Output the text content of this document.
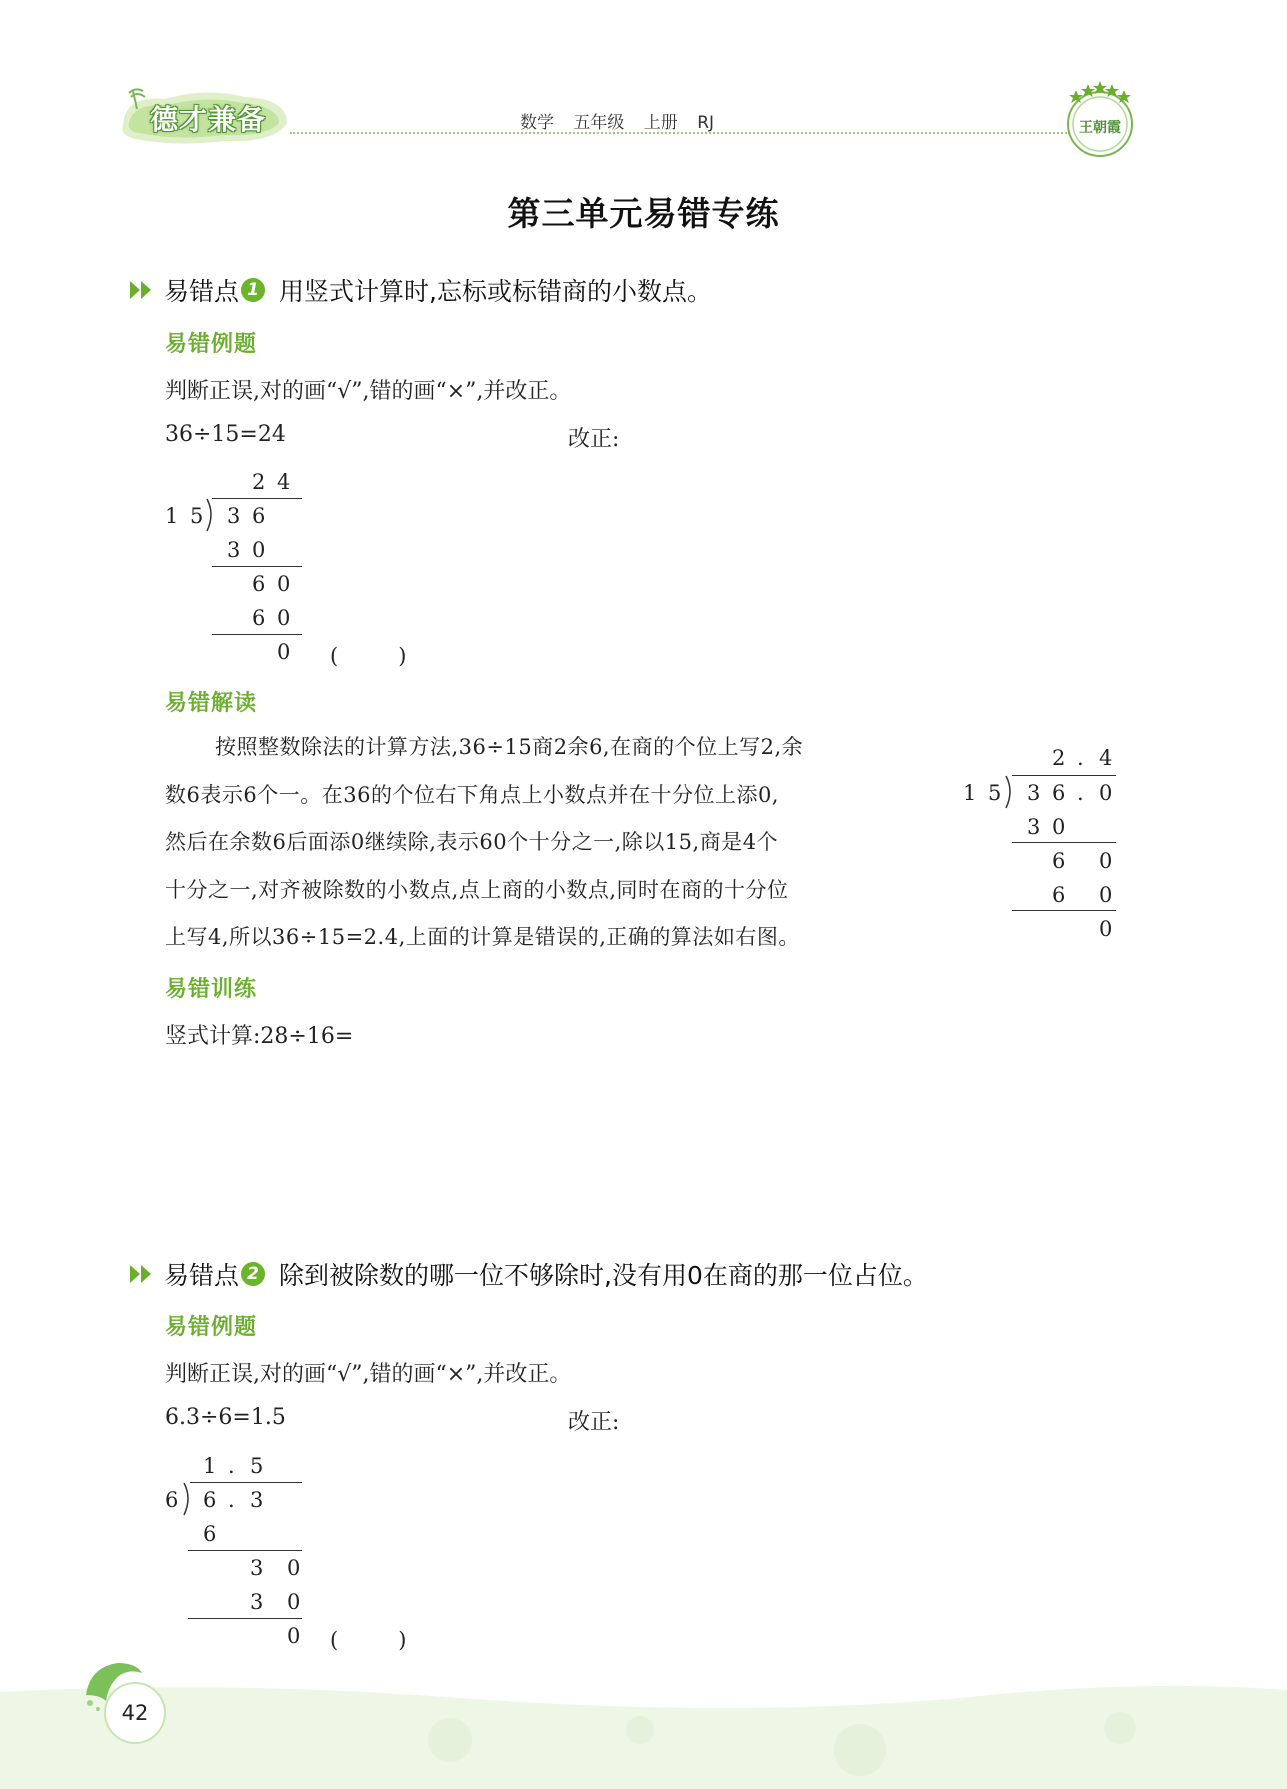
德才兼备	数学 五年级 上册 RJ	王朝霞
第三单元易错专练
易错点 1 用竖式计算时,忘标或标错商的小数点。
易错例题
判断正误,对的画“√”,错的画“×”,并改正。
36÷15=24	改正:
2 4
1 5 3 6
3 0
6 0
6 0
0 (　　)
易错解读
按照整数除法的计算方法,36÷15商2余6,在商的个位上写2,余
数6表示6个一。在36的个位右下角点上小数点并在十分位上添0,
然后在余数6后面添0继续除,表示60个十分之一,除以15,商是4个
十分之一,对齐被除数的小数点,点上商的小数点,同时在商的十分位
上写4,所以36÷15=2.4,上面的计算是错误的,正确的算法如右图。
2 . 4
1 5 3 6 . 0
3 0
6 0
6 0
0
易错训练
竖式计算:28÷16=
易错点 2 除到被除数的哪一位不够除时,没有用0在商的那一位占位。
易错例题
判断正误,对的画“√”,错的画“×”,并改正。
6.3÷6=1.5	改正:
1 . 5
6 6 . 3
6
3 0
3 0
0 (　　)
42
